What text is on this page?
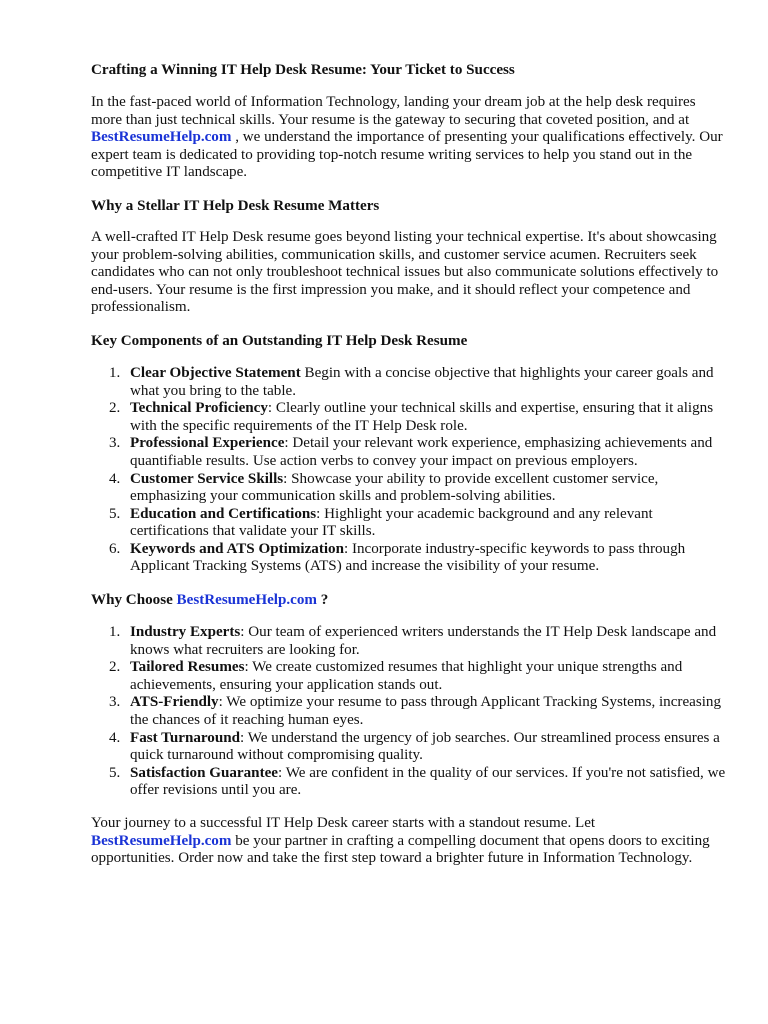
Crafting a Winning IT Help Desk Resume: Your Ticket to Success

In the fast-paced world of Information Technology, landing your dream job at the help desk requires more than just technical skills. Your resume is the gateway to securing that coveted position, and at BestResumeHelp.com , we understand the importance of presenting your qualifications effectively. Our expert team is dedicated to providing top-notch resume writing services to help you stand out in the competitive IT landscape.

Why a Stellar IT Help Desk Resume Matters

A well-crafted IT Help Desk resume goes beyond listing your technical expertise. It's about showcasing your problem-solving abilities, communication skills, and customer service acumen. Recruiters seek candidates who can not only troubleshoot technical issues but also communicate solutions effectively to end-users. Your resume is the first impression you make, and it should reflect your competence and professionalism.

Key Components of an Outstanding IT Help Desk Resume
1. Clear Objective Statement Begin with a concise objective that highlights your career goals and what you bring to the table.
2. Technical Proficiency: Clearly outline your technical skills and expertise, ensuring that it aligns with the specific requirements of the IT Help Desk role.
3. Professional Experience: Detail your relevant work experience, emphasizing achievements and quantifiable results. Use action verbs to convey your impact on previous employers.
4. Customer Service Skills: Showcase your ability to provide excellent customer service, emphasizing your communication skills and problem-solving abilities.
5. Education and Certifications: Highlight your academic background and any relevant certifications that validate your IT skills.
6. Keywords and ATS Optimization: Incorporate industry-specific keywords to pass through Applicant Tracking Systems (ATS) and increase the visibility of your resume.
Why Choose BestResumeHelp.com ?
1. Industry Experts: Our team of experienced writers understands the IT Help Desk landscape and knows what recruiters are looking for.
2. Tailored Resumes: We create customized resumes that highlight your unique strengths and achievements, ensuring your application stands out.
3. ATS-Friendly: We optimize your resume to pass through Applicant Tracking Systems, increasing the chances of it reaching human eyes.
4. Fast Turnaround: We understand the urgency of job searches. Our streamlined process ensures a quick turnaround without compromising quality.
5. Satisfaction Guarantee: We are confident in the quality of our services. If you're not satisfied, we offer revisions until you are.

Your journey to a successful IT Help Desk career starts with a standout resume. Let BestResumeHelp.com be your partner in crafting a compelling document that opens doors to exciting opportunities. Order now and take the first step toward a brighter future in Information Technology.
